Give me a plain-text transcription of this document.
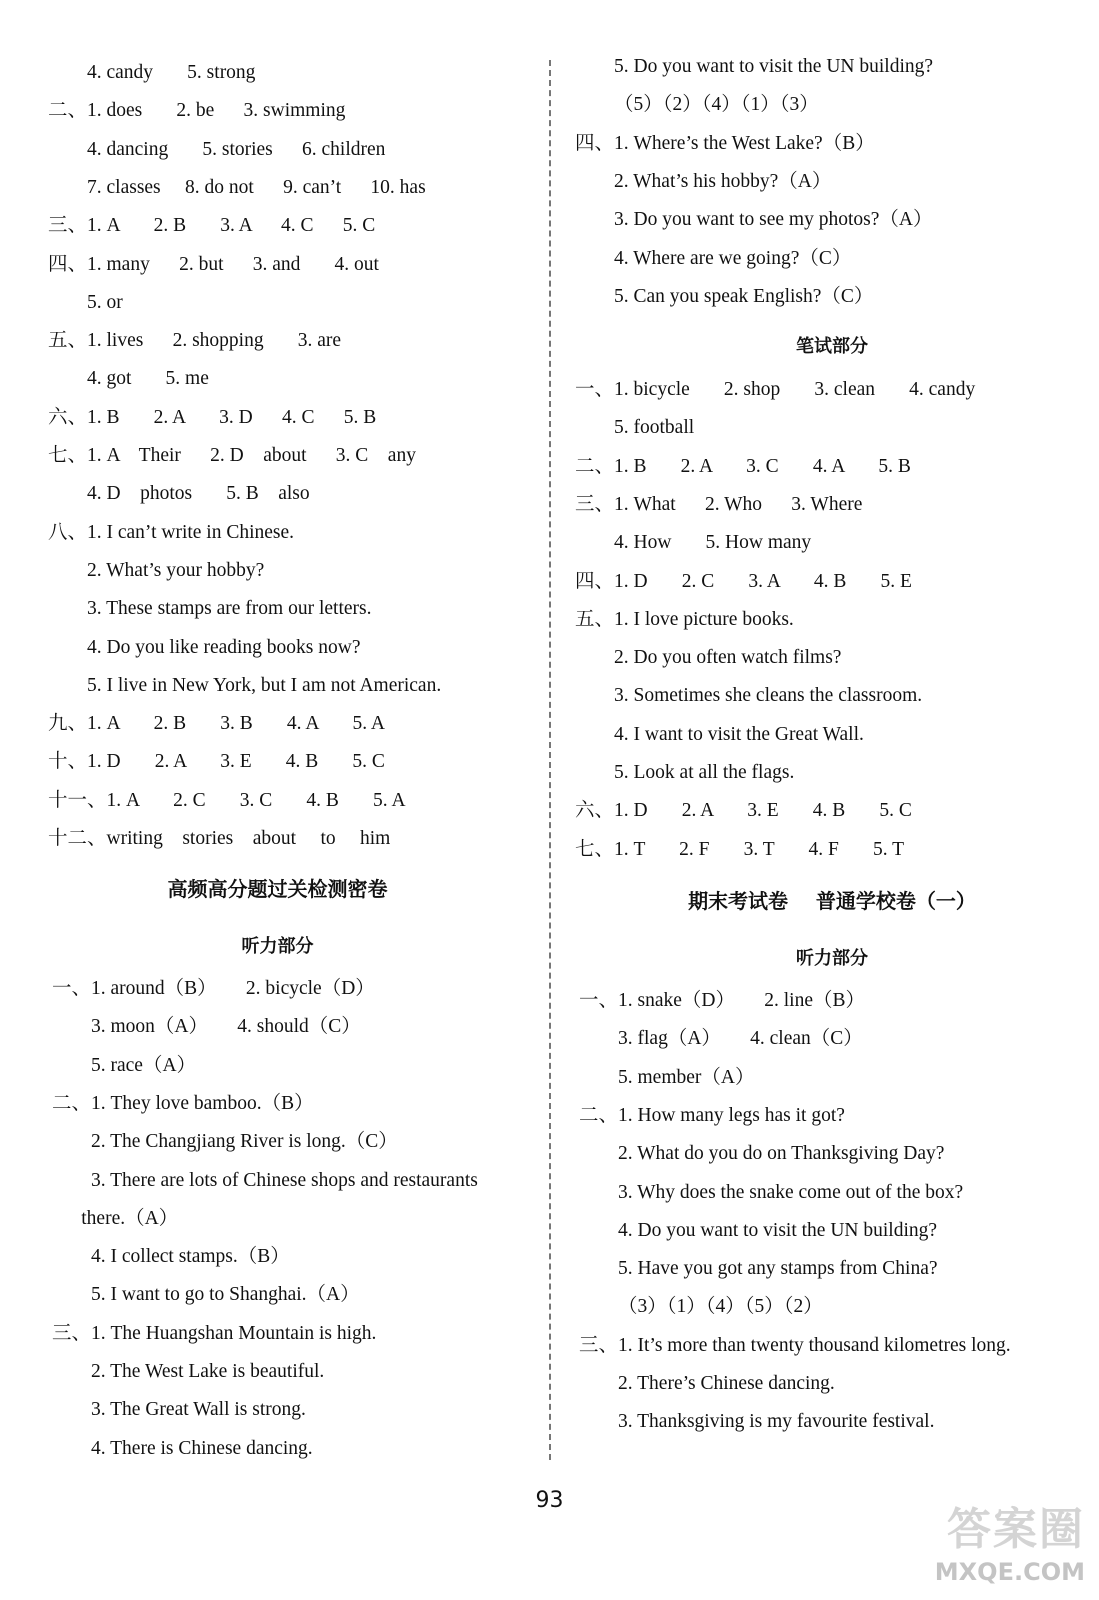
4. candy       5. strong
二、1. does       2. be      3. swimming
4. dancing       5. stories      6. children
7. classes     8. do not      9. can’t      10. has
三、1. A       2. B       3. A      4. C      5. C
四、1. many      2. but      3. and       4. out
5. or
五、1. lives      2. shopping       3. are
4. got       5. me
六、1. B       2. A       3. D      4. C      5. B
七、1. A    Their      2. D    about      3. C    any
4. D    photos       5. B    also
八、1. I can’t write in Chinese.
2. What’s your hobby?
3. These stamps are from our letters.
4. Do you like reading books now?
5. I live in New York, but I am not American.
九、1. A       2. B       3. B       4. A       5. A
十、1. D       2. A       3. E       4. B       5. C
十一、1. A       2. C       3. C       4. B       5. A
十二、writing    stories    about     to     him
高频高分题过关检测密卷
听力部分
一、1. around（B）      2. bicycle（D）
3. moon（A）      4. should（C）
5. race（A）
二、1. They love bamboo.（B）
2. The Changjiang River is long.（C）
3. There are lots of Chinese shops and restaurants
there.（A）
4. I collect stamps.（B）
5. I want to go to Shanghai.（A）
三、1. The Huangshan Mountain is high.
2. The West Lake is beautiful.
3. The Great Wall is strong.
4. There is Chinese dancing.
5. Do you want to visit the UN building?
（5）（2）（4）（1）（3）
四、1. Where’s the West Lake?（B）
2. What’s his hobby?（A）
3. Do you want to see my photos?（A）
4. Where are we going?（C）
5. Can you speak English?（C）
笔试部分
一、1. bicycle       2. shop       3. clean       4. candy
5. football
二、1. B       2. A       3. C       4. A       5. B
三、1. What      2. Who      3. Where
4. How       5. How many
四、1. D       2. C       3. A       4. B       5. E
五、1. I love picture books.
2. Do you often watch films?
3. Sometimes she cleans the classroom.
4. I want to visit the Great Wall.
5. Look at all the flags.
六、1. D       2. A       3. E       4. B       5. C
七、1. T       2. F       3. T       4. F       5. T
期末考试卷    普通学校卷（一）
听力部分
一、1. snake（D）      2. line（B）
3. flag（A）      4. clean（C）
5. member（A）
二、1. How many legs has it got?
2. What do you do on Thanksgiving Day?
3. Why does the snake come out of the box?
4. Do you want to visit the UN building?
5. Have you got any stamps from China?
（3）（1）（4）（5）（2）
三、1. It’s more than twenty thousand kilometres long.
2. There’s Chinese dancing.
3. Thanksgiving is my favourite festival.
93
答案圈
MXQE.COM
